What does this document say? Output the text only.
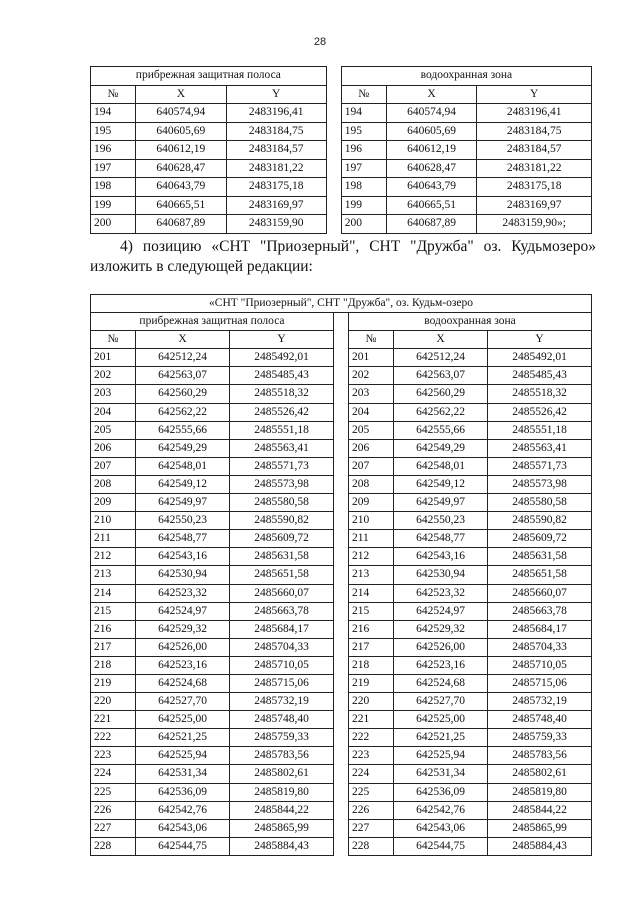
28
прибрежная защитная полоса				водоохранная зона		
№	X	Y		№	X	Y
194	640574,94	2483196,41		194	640574,94	2483196,41
195	640605,69	2483184,75		195	640605,69	2483184,75
196	640612,19	2483184,57		196	640612,19	2483184,57
197	640628,47	2483181,22		197	640628,47	2483181,22
198	640643,79	2483175,18		198	640643,79	2483175,18
199	640665,51	2483169,97		199	640665,51	2483169,97
200	640687,89	2483159,90		200	640687,89	2483159,90»;
4) позицию «СНТ "Приозерный", СНТ "Дружба" оз. Кудьмозеро»
изложить в следующей редакции:
«СНТ "Приозерный", СНТ "Дружба", оз. Кудьм-озеро						
прибрежная защитная полоса				водоохранная зона		
№	X	Y		№	X	Y
201	642512,24	2485492,01		201	642512,24	2485492,01
202	642563,07	2485485,43		202	642563,07	2485485,43
203	642560,29	2485518,32		203	642560,29	2485518,32
204	642562,22	2485526,42		204	642562,22	2485526,42
205	642555,66	2485551,18		205	642555,66	2485551,18
206	642549,29	2485563,41		206	642549,29	2485563,41
207	642548,01	2485571,73		207	642548,01	2485571,73
208	642549,12	2485573,98		208	642549,12	2485573,98
209	642549,97	2485580,58		209	642549,97	2485580,58
210	642550,23	2485590,82		210	642550,23	2485590,82
211	642548,77	2485609,72		211	642548,77	2485609,72
212	642543,16	2485631,58		212	642543,16	2485631,58
213	642530,94	2485651,58		213	642530,94	2485651,58
214	642523,32	2485660,07		214	642523,32	2485660,07
215	642524,97	2485663,78		215	642524,97	2485663,78
216	642529,32	2485684,17		216	642529,32	2485684,17
217	642526,00	2485704,33		217	642526,00	2485704,33
218	642523,16	2485710,05		218	642523,16	2485710,05
219	642524,68	2485715,06		219	642524,68	2485715,06
220	642527,70	2485732,19		220	642527,70	2485732,19
221	642525,00	2485748,40		221	642525,00	2485748,40
222	642521,25	2485759,33		222	642521,25	2485759,33
223	642525,94	2485783,56		223	642525,94	2485783,56
224	642531,34	2485802,61		224	642531,34	2485802,61
225	642536,09	2485819,80		225	642536,09	2485819,80
226	642542,76	2485844,22		226	642542,76	2485844,22
227	642543,06	2485865,99		227	642543,06	2485865,99
228	642544,75	2485884,43		228	642544,75	2485884,43
